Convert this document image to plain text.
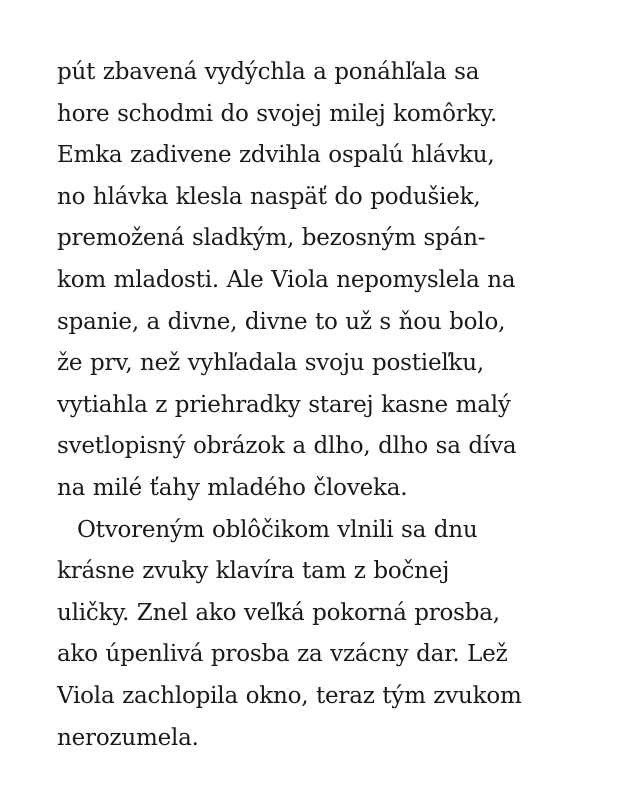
pút zbavená vydýchla a ponáhľala sa
hore schodmi do svojej milej komôrky.
Emka zadivene zdvihla ospalú hlávku,
no hlávka klesla naspäť do podušiek,
premožená sladkým, bezosným spán-
kom mladosti. Ale Viola nepomyslela na
spanie, a divne, divne to už s ňou bolo,
že prv, než vyhľadala svoju postieľku,
vytiahla z priehradky starej kasne malý
svetlopisný obrázok a dlho, dlho sa díva
na milé ťahy mladého človeka.

Otvoreným oblôčikom vlnili sa dnu
krásne zvuky klavíra tam z bočnej
uličky. Znel ako veľká pokorná prosba,
ako úpenlivá prosba za vzácny dar. Lež
Viola zachlopila okno, teraz tým zvukom
nerozumela.
